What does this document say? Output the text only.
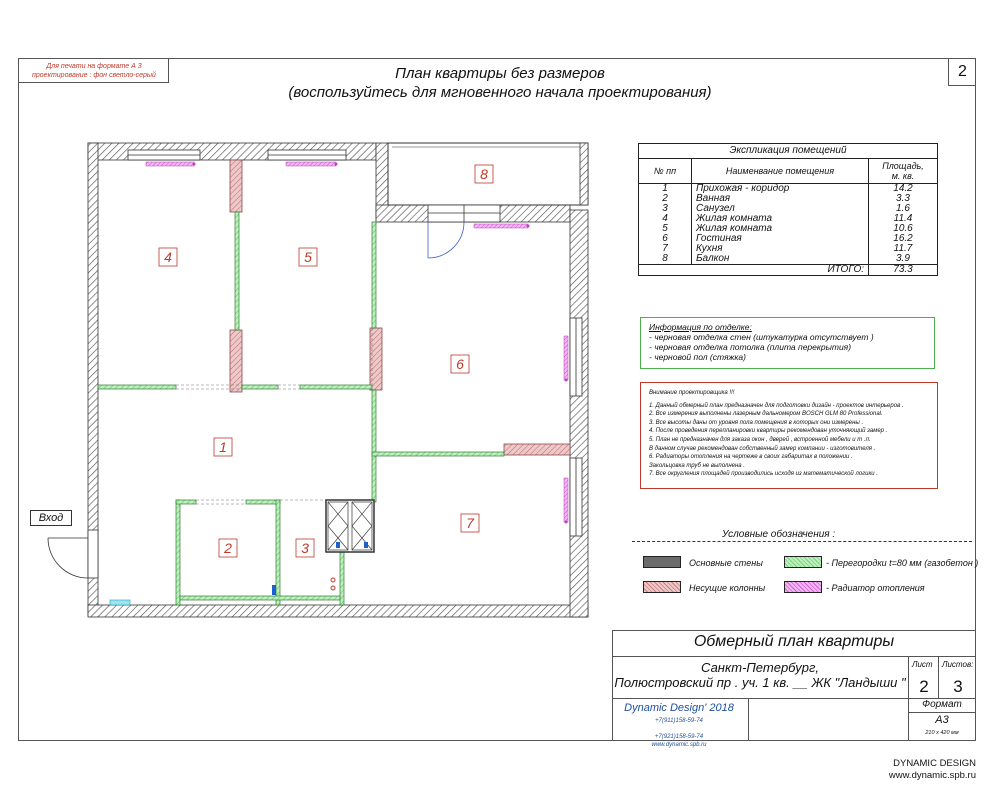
Для печати на формате А 3
проектирование : фон светло-серый	План квартиры без размеров
(воспользуйтесь для мгновенного начала проектирования)
2
1
2	3
4	5
6
7
8
Вход
Экспликация помещений		
№ пп	Наименвание помещения	Площадь,
м. кв.
1	Прихожая - коридор	14.2
2	Ванная	3.3
3	Санузел	1.6
4	Жилая комната	11.4
5	Жилая комната	10.6
6	Гостиная	16.2
7	Кухня	11.7
8	Балкон	3.9
	ИТОГО:	73.3
Информация по отделке:
- черновая отделка стен (штукатурка отсутствует )
- черновая отделка потолка (плита перекрытия)
- черновой пол (стяжка)
Внимание проектировщика !!!
1. Данный обмерный план предназначен для подготовки дизайн - проектов интерьеров .
2. Все измерения выполнены лазерным дальномером BOSCH GLM 80 Professional.
3. Все высоты даны от уровня пола помещения в которых они измерены .
4. После проведения перепланировки квартиры рекомендован уточняющий замер .
5. План не предназначен для заказа окон , дверей , встроенной мебели и т .п.
В данном случае рекомендован собственный замер компании - изготовителя .
6. Радиаторы отопления на чертеже в своих габаритах в положении .
Закольцовка труб не выполнена .
7. Все округления площадей производились исходя из математической логики .
Условные обозначения :
Основные стены	- Перегородки t=80 мм (газобетон )
Несущие колонны	- Радиатор отопления
Обмерный план квартиры
Санкт-Петербург,
Полюстровский пр . уч. 1 кв. __ ЖК "Ландыши "
Лист Листов:
2	3
Формат
А3
210 х 420 мм
Dynamic Design' 2018
+7(911)158-59-74

+7(921)158-59-74
www.dynamic.spb.ru
DYNAMIC DESIGN
www.dynamic.spb.ru
